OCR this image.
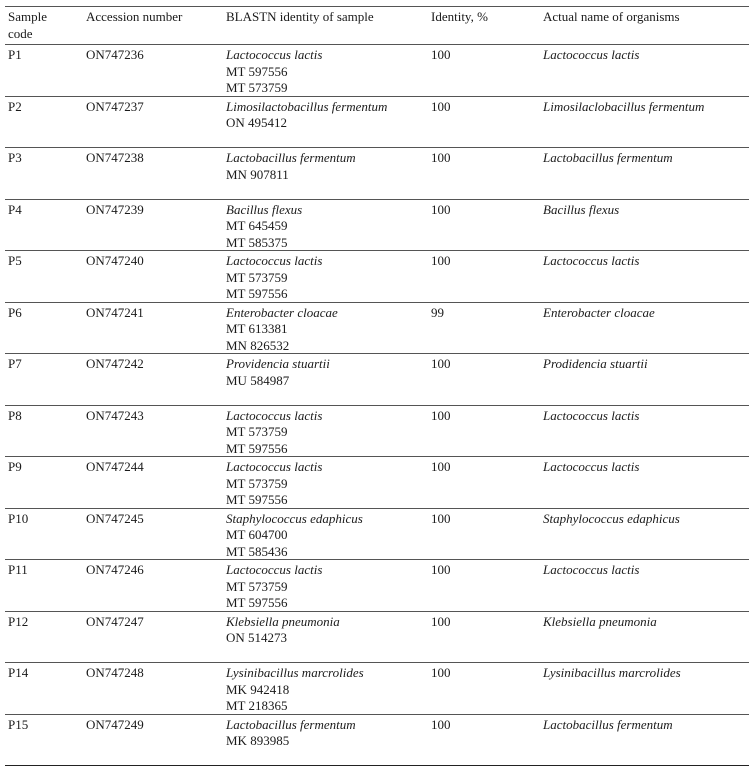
Sample
code
Accession number	BLASTN identity of sample	Identity, %	Actual name of organisms
P1	ON747236	Lactococcus lactis
MT 597556
MT 573759
100	Lactococcus lactis
P2	ON747237	Limosilactobacillus fermentum
ON 495412
100	Limosilaclobacillus fermentum
P3	ON747238	Lactobacillus fermentum
MN 907811
100	Lactobacillus fermentum
P4	ON747239	Bacillus flexus
MT 645459
MT 585375
100	Bacillus flexus
P5	ON747240	Lactococcus lactis
MT 573759
MT 597556
100	Lactococcus lactis
P6	ON747241	Enterobacter cloacae
MT 613381
MN 826532
99	Enterobacter cloacae
P7	ON747242	Providencia stuartii
MU 584987
100	Prodidencia stuartii
P8	ON747243	Lactococcus lactis
MT 573759
MT 597556
100	Lactococcus lactis
P9	ON747244	Lactococcus lactis
MT 573759
MT 597556
100	Lactococcus lactis
P10	ON747245	Staphylococcus edaphicus
MT 604700
MT 585436
100	Staphylococcus edaphicus
P11	ON747246	Lactococcus lactis
MT 573759
MT 597556
100	Lactococcus lactis
P12	ON747247	Klebsiella pneumonia
ON 514273
100	Klebsiella pneumonia
P14	ON747248	Lysinibacillus marcrolides
MK 942418
MT 218365
100	Lysinibacillus marcrolides
P15	ON747249	Lactobacillus fermentum
MK 893985
100	Lactobacillus fermentum
